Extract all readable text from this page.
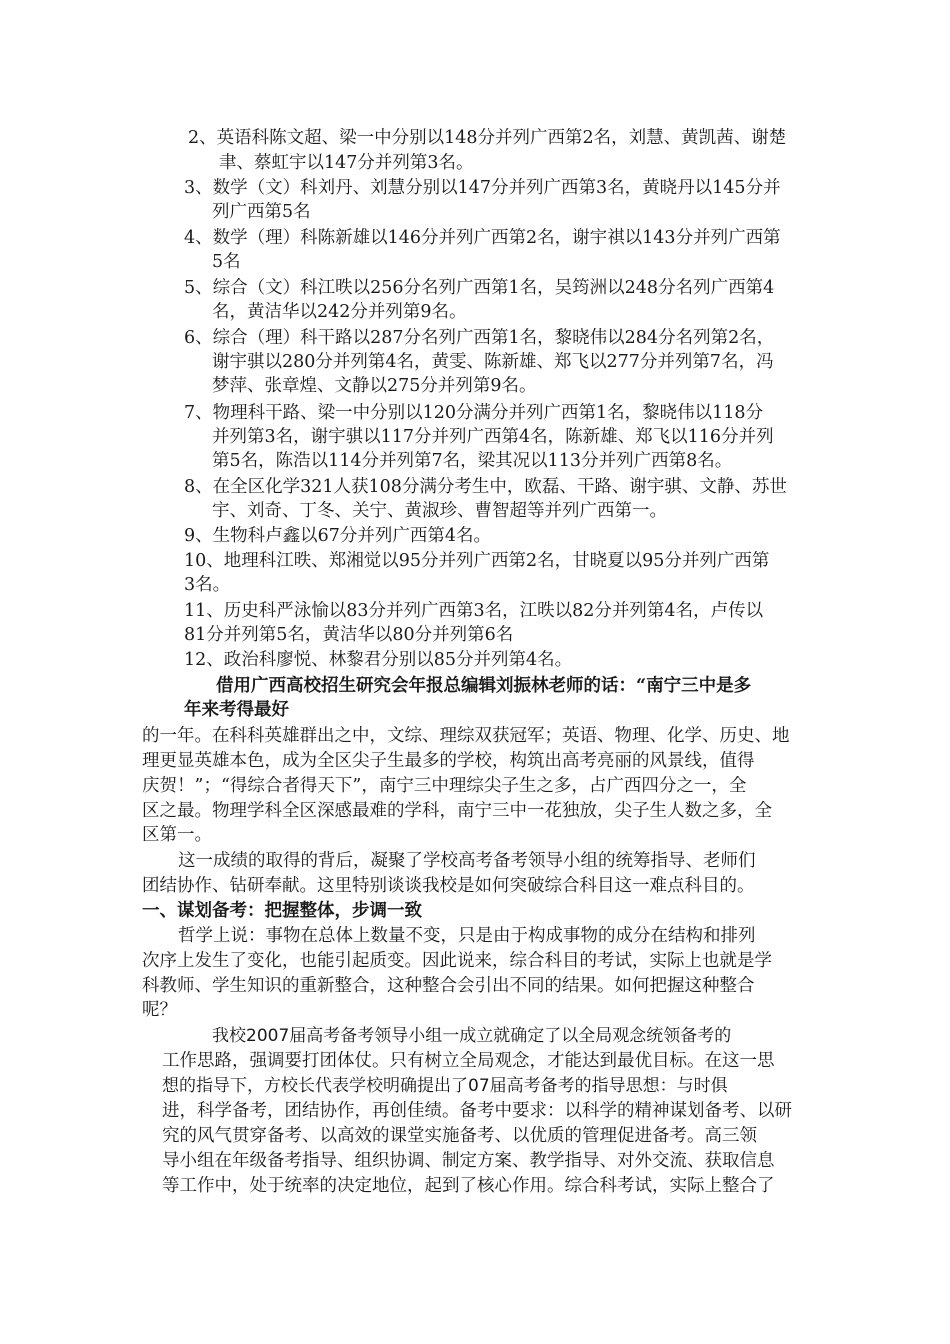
2、英语科陈文超、梁一中分别以148分并列广西第2名，刘慧、黄凯茜、谢楚

聿、蔡虹宇以147分并列第3名。

3、数学（文）科刘丹、刘慧分别以147分并列广西第3名，黄晓丹以145分并

列广西第5名

4、数学（理）科陈新雄以146分并列广西第2名，谢宇祺以143分并列广西第

5名

5、综合（文）科江昳以256分名列广西第1名，吴筠洲以248分名列广西第4

名，黄洁华以242分并列第9名。

6、综合（理）科干路以287分名列广西第1名，黎晓伟以284分名列第2名，

谢宇骐以280分并列第4名，黄雯、陈新雄、郑飞以277分并列第7名，冯

梦萍、张章煌、文静以275分并列第9名。

7、物理科干路、梁一中分别以120分满分并列广西第1名，黎晓伟以118分

并列第3名，谢宇骐以117分并列广西第4名，陈新雄、郑飞以116分并列

第5名，陈浩以114分并列第7名，梁其况以113分并列广西第8名。

8、在全区化学321人获108分满分考生中，欧磊、干路、谢宇骐、文静、苏世

宇、刘奇、丁冬、关宁、黄淑珍、曹智超等并列广西第一。

9、生物科卢鑫以67分并列广西第4名。

10、地理科江昳、郑湘觉以95分并列广西第2名，甘晓夏以95分并列广西第

3名。

11、历史科严泳愉以83分并列广西第3名，江昳以82分并列第4名，卢传以

81分并列第5名，黄洁华以80分并列第6名

12、政治科廖悦、林黎君分别以85分并列第4名。

借用广西高校招生研究会年报总编辑刘振林老师的话：“南宁三中是多

年来考得最好

的一年。在科科英雄群出之中，文综、理综双获冠军；英语、物理、化学、历史、地

理更显英雄本色，成为全区尖子生最多的学校，构筑出高考亮丽的风景线，值得

庆贺！”；“得综合者得天下”，南宁三中理综尖子生之多，占广西四分之一，全

区之最。物理学科全区深感最难的学科，南宁三中一花独放，尖子生人数之多，全

区第一。

这一成绩的取得的背后，凝聚了学校高考备考领导小组的统筹指导、老师们

团结协作、钻研奉献。这里特别谈谈我校是如何突破综合科目这一难点科目的。

一、谋划备考：把握整体，步调一致

哲学上说：事物在总体上数量不变，只是由于构成事物的成分在结构和排列

次序上发生了变化，也能引起质变。因此说来，综合科目的考试，实际上也就是学

科教师、学生知识的重新整合，这种整合会引出不同的结果。如何把握这种整合

呢？

我校2007届高考备考领导小组一成立就确定了以全局观念统领备考的

工作思路，强调要打团体仗。只有树立全局观念，才能达到最优目标。在这一思

想的指导下，方校长代表学校明确提出了07届高考备考的指导思想：与时俱

进，科学备考，团结协作，再创佳绩。备考中要求：以科学的精神谋划备考、以研

究的风气贯穿备考、以高效的课堂实施备考、以优质的管理促进备考。高三领

导小组在年级备考指导、组织协调、制定方案、教学指导、对外交流、获取信息

等工作中，处于统率的决定地位，起到了核心作用。综合科考试，实际上整合了
